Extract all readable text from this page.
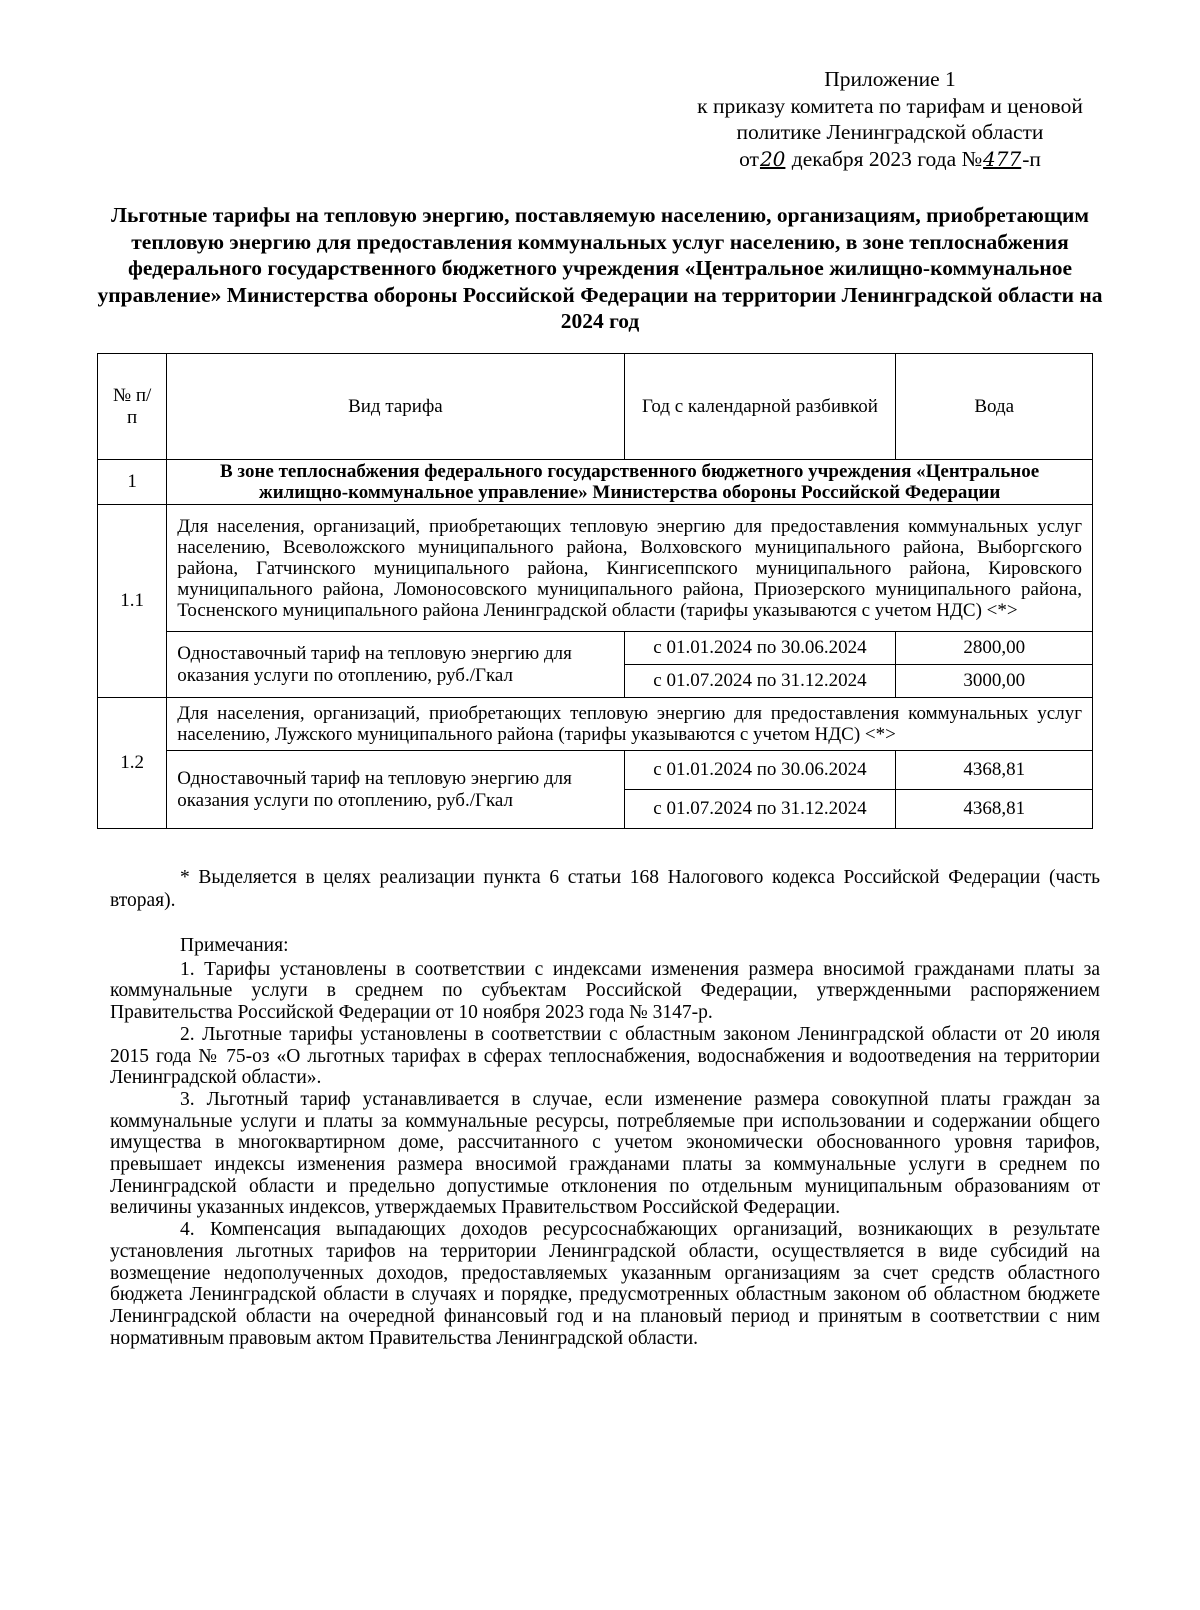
Приложение 1
к приказу комитета по тарифам и ценовой
политике Ленинградской области
от20 декабря 2023 года №477-п
Льготные тарифы на тепловую энергию, поставляемую населению, организациям, приобретающим тепловую энергию для предоставления коммунальных услуг населению, в зоне теплоснабжения федерального государственного бюджетного учреждения «Центральное жилищно-коммунальное управление» Министерства обороны Российской Федерации на территории Ленинградской области на 2024 год
№ п/п	Вид тарифа	Год с календарной разбивкой	Вода
1	В зоне теплоснабжения федерального государственного бюджетного учреждения «Центральное жилищно-коммунальное управление» Министерства обороны Российской Федерации		
1.1	Для населения, организаций, приобретающих тепловую энергию для предоставления коммунальных услуг населению, Всеволожского муниципального района, Волховского муниципального района, Выборгского района, Гатчинского муниципального района, Кингисеппского муниципального района, Кировского муниципального района, Ломоносовского муниципального района, Приозерского муниципального района, Тосненского муниципального района Ленинградской области (тарифы указываются с учетом НДС) <*>		
	Одноставочный тариф на тепловую энергию для оказания услуги по отоплению, руб./Гкал	с 01.01.2024 по 30.06.2024	2800,00
		с 01.07.2024 по 31.12.2024	3000,00
1.2	Для населения, организаций, приобретающих тепловую энергию для предоставления коммунальных услуг населению, Лужского муниципального района (тарифы указываются с учетом НДС) <*>		
	Одноставочный тариф на тепловую энергию для оказания услуги по отоплению, руб./Гкал	с 01.01.2024 по 30.06.2024	4368,81
		с 01.07.2024 по 31.12.2024	4368,81
* Выделяется в целях реализации пункта 6 статьи 168 Налогового кодекса Российской Федерации (часть вторая).
Примечания:

1. Тарифы установлены в соответствии с индексами изменения размера вносимой гражданами платы за коммунальные услуги в среднем по субъектам Российской Федерации, утвержденными распоряжением Правительства Российской Федерации от 10 ноября 2023 года № 3147-р.

2. Льготные тарифы установлены в соответствии с областным законом Ленинградской области от 20 июля 2015 года № 75-оз «О льготных тарифах в сферах теплоснабжения, водоснабжения и водоотведения на территории Ленинградской области».

3. Льготный тариф устанавливается в случае, если изменение размера совокупной платы граждан за коммунальные услуги и платы за коммунальные ресурсы, потребляемые при использовании и содержании общего имущества в многоквартирном доме, рассчитанного с учетом экономически обоснованного уровня тарифов, превышает индексы изменения размера вносимой гражданами платы за коммунальные услуги в среднем по Ленинградской области и предельно допустимые отклонения по отдельным муниципальным образованиям от величины указанных индексов, утверждаемых Правительством Российской Федерации.

4. Компенсация выпадающих доходов ресурсоснабжающих организаций, возникающих в результате установления льготных тарифов на территории Ленинградской области, осуществляется в виде субсидий на возмещение недополученных доходов, предоставляемых указанным организациям за счет средств областного бюджета Ленинградской области в случаях и порядке, предусмотренных областным законом об областном бюджете Ленинградской области на очередной финансовый год и на плановый период и принятым в соответствии с ним нормативным правовым актом Правительства Ленинградской области.
